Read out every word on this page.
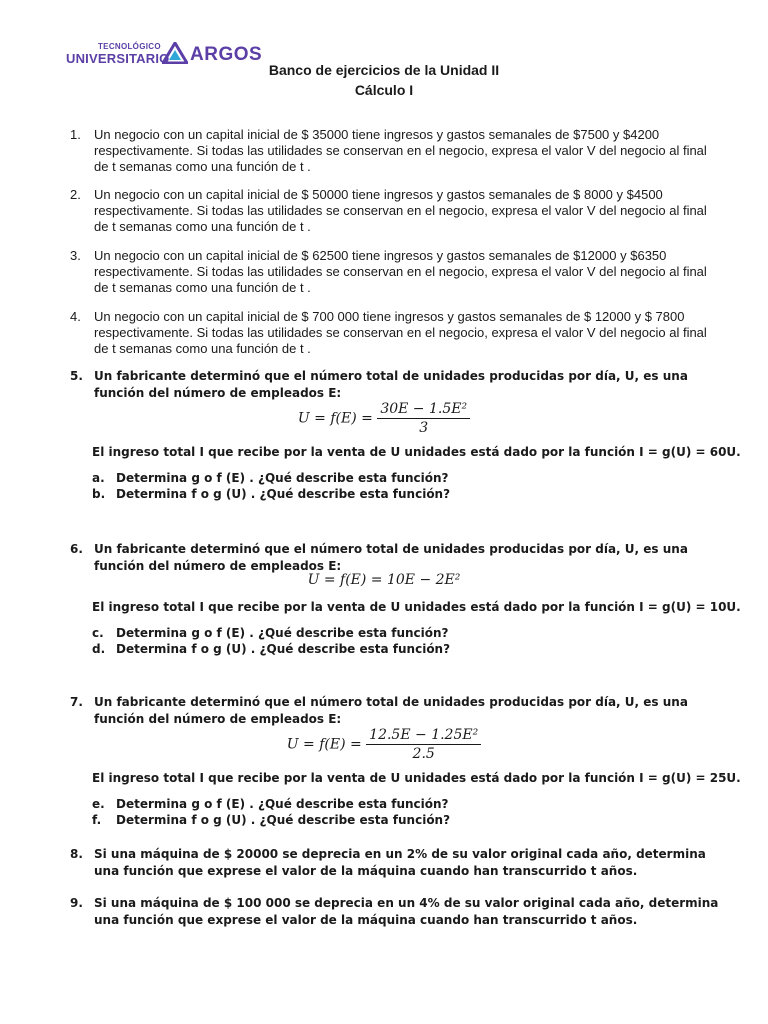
TECNOLÓGICO
UNIVERSITARIO ARGOS
Banco de ejercicios de la Unidad II
Cálculo I
1. Un negocio con un capital inicial de $ 35000 tiene ingresos y gastos semanales de $7500 y $4200 respectivamente. Si todas las utilidades se conservan en el negocio, expresa el valor V del negocio al final de t semanas como una función de t .
2. Un negocio con un capital inicial de $ 50000 tiene ingresos y gastos semanales de $ 8000 y $4500 respectivamente. Si todas las utilidades se conservan en el negocio, expresa el valor V del negocio al final de t semanas como una función de t .
3. Un negocio con un capital inicial de $ 62500 tiene ingresos y gastos semanales de $12000 y $6350 respectivamente. Si todas las utilidades se conservan en el negocio, expresa el valor V del negocio al final de t semanas como una función de t .
4. Un negocio con un capital inicial de $ 700 000 tiene ingresos y gastos semanales de $ 12000 y $ 7800 respectivamente. Si todas las utilidades se conservan en el negocio, expresa el valor V del negocio al final de t semanas como una función de t .
5. Un fabricante determinó que el número total de unidades producidas por día, U, es una función del número de empleados E:
$U = f(E) = \frac{\text{30E − 1.5E²}}{3}$
El ingreso total I que recibe por la venta de U unidades está dado por la función I = g(U) = 60U.
a. Determina g o f (E) . ¿Qué describe esta función?
b. Determina f o g (U) . ¿Qué describe esta función?
6. Un fabricante determinó que el número total de unidades producidas por día, U, es una función del número de empleados E:
U = f(E) = 10E − 2E²
El ingreso total I que recibe por la venta de U unidades está dado por la función I = g(U) = 10U.
c. Determina g o f (E) . ¿Qué describe esta función?
d. Determina f o g (U) . ¿Qué describe esta función?
7. Un fabricante determinó que el número total de unidades producidas por día, U, es una función del número de empleados E:
$U = f(E) = \frac{\text{12.5E − 1.25E²}}{2.5}$
El ingreso total I que recibe por la venta de U unidades está dado por la función I = g(U) = 25U.
e. Determina g o f (E) . ¿Qué describe esta función?
f. Determina f o g (U) . ¿Qué describe esta función?
8. Si una máquina de $ 20000 se deprecia en un 2% de su valor original cada año, determina una función que exprese el valor de la máquina cuando han transcurrido t años.
9. Si una máquina de $ 100 000 se deprecia en un 4% de su valor original cada año, determina una función que exprese el valor de la máquina cuando han transcurrido t años.
